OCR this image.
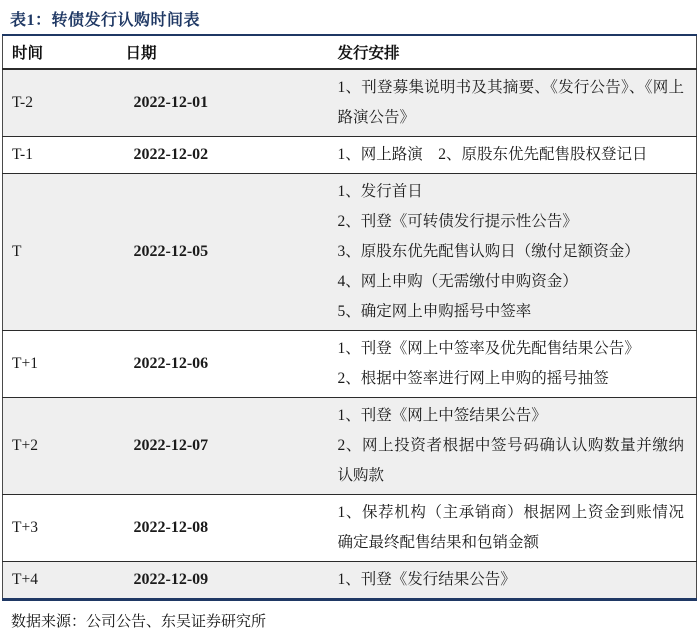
表1：转债发行认购时间表
时间	日期	发行安排
T-2	2022-12-01	1、刊登募集说明书及其摘要、《发行公告》、《网上路演公告》

T-1	2022-12-02	1、网上路演　2、原股东优先配售股权登记日

T	2022-12-05	1、发行首日
2、刊登《可转债发行提示性公告》
3、原股东优先配售认购日（缴付足额资金）
4、网上申购（无需缴付申购资金）
5、确定网上申购摇号中签率

T+1	2022-12-06	1、刊登《网上中签率及优先配售结果公告》
2、根据中签率进行网上申购的摇号抽签

T+2	2022-12-07	1、刊登《网上中签结果公告》
2、网上投资者根据中签号码确认认购数量并缴纳认购款

T+3	2022-12-08	1、保荐机构（主承销商）根据网上资金到账情况确定最终配售结果和包销金额

T+4	2022-12-09	1、刊登《发行结果公告》
数据来源：公司公告、东吴证券研究所
